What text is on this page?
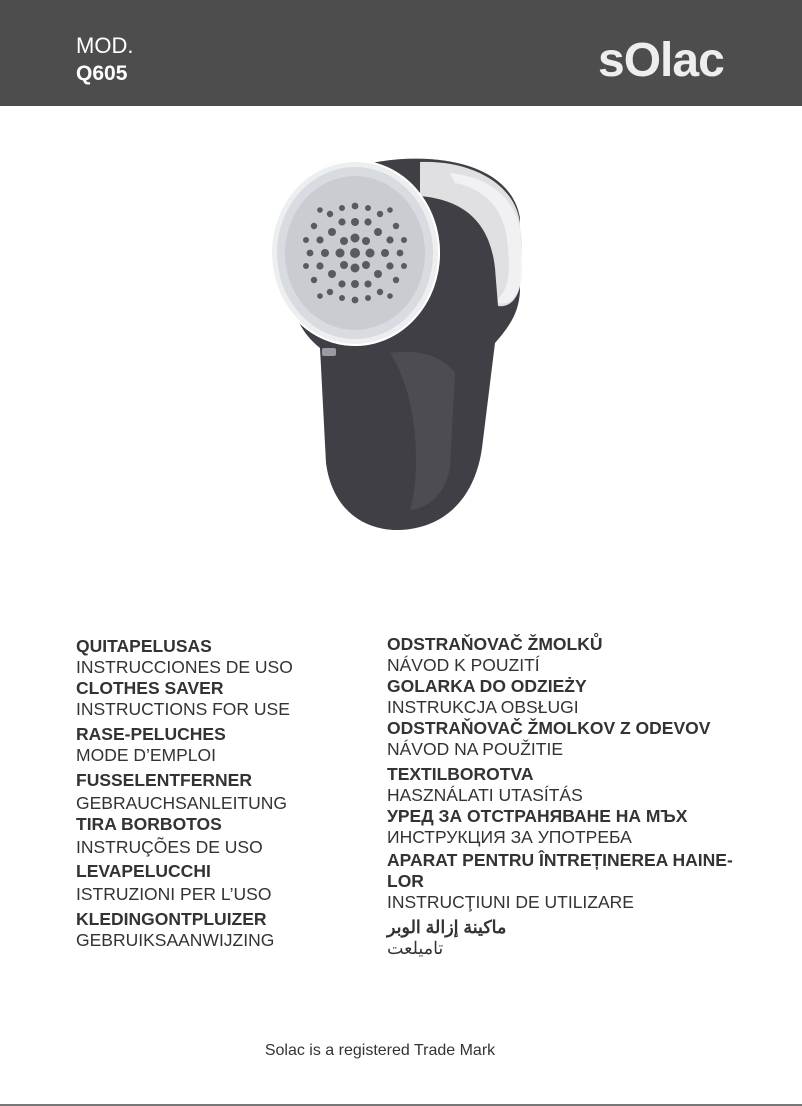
MOD.
Q605	sOlac
QUITAPELUSAS
INSTRUCCIONES DE USO
CLOTHES SAVER
INSTRUCTIONS FOR USE
RASE-PELUCHES
MODE D’EMPLOI
FUSSELENTFERNER
GEBRAUCHSANLEITUNG
TIRA BORBOTOS
INSTRUÇÕES DE USO
LEVAPELUCCHI
ISTRUZIONI PER L’USO
KLEDINGONTPLUIZER
GEBRUIKSAANWIJZING
ODSTRAŇOVAČ ŽMOLKŮ
NÁVOD K POUZITÍ
GOLARKA DO ODZIEŻY
INSTRUKCJA OBSŁUGI
ODSTRAŇOVAČ ŽMOLKOV Z ODEVOV
NÁVOD NA POUŽITIE
TEXTILBOROTVA
HASZNÁLATI UTASÍTÁS
УРЕД ЗА ОТСТРАНЯВАНЕ НА МЪХ
ИНСТРУКЦИЯ ЗА УПОТРЕБА
APARAT PENTRU ÎNTREȚINEREA HAINE-LOR
INSTRUCŢIUNI DE UTILIZARE
ماكينة إزالة الوبر
تاميلعت
Solac is a registered Trade Mark
